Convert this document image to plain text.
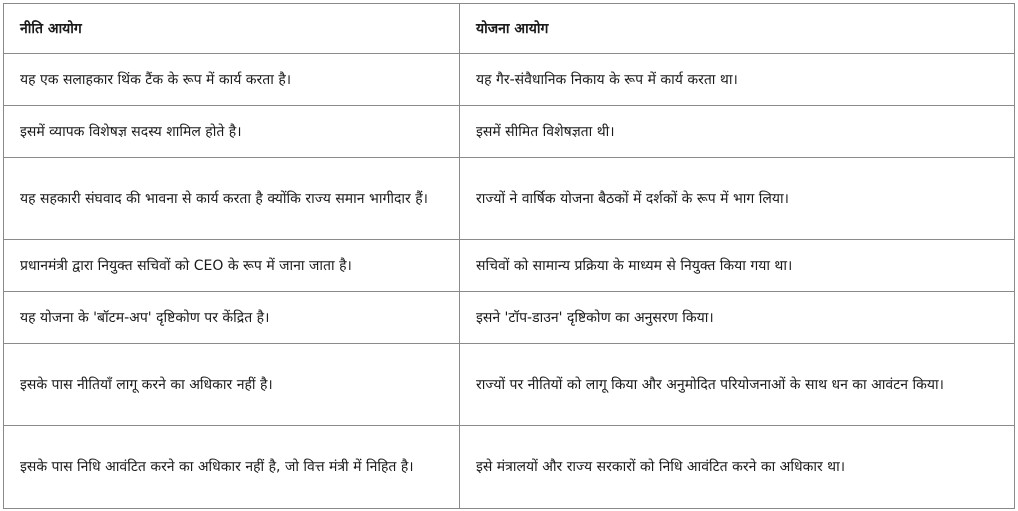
नीति आयोग	योजना आयोग
यह एक सलाहकार थिंक टैंक के रूप में कार्य करता है।	यह गैर-संवैधानिक निकाय के रूप में कार्य करता था।
इसमें व्यापक विशेषज्ञ सदस्य शामिल होते है।	इसमें सीमित विशेषज्ञता थी।
यह सहकारी संघवाद की भावना से कार्य करता है क्योंकि राज्य समान भागीदार हैं।	राज्यों ने वार्षिक योजना बैठकों में दर्शकों के रूप में भाग लिया।
प्रधानमंत्री द्वारा नियुक्त सचिवों को CEO के रूप में जाना जाता है।	सचिवों को सामान्य प्रक्रिया के माध्यम से नियुक्त किया गया था।
यह योजना के 'बॉटम-अप' दृष्टिकोण पर केंद्रित है।	इसने 'टॉप-डाउन' दृष्टिकोण का अनुसरण किया।
इसके पास नीतियाँ लागू करने का अधिकार नहीं है।	राज्यों पर नीतियों को लागू किया और अनुमोदित परियोजनाओं के साथ धन का आवंटन किया।
इसके पास निधि आवंटित करने का अधिकार नहीं है, जो वित्त मंत्री में निहित है।	इसे मंत्रालयों और राज्य सरकारों को निधि आवंटित करने का अधिकार था।
